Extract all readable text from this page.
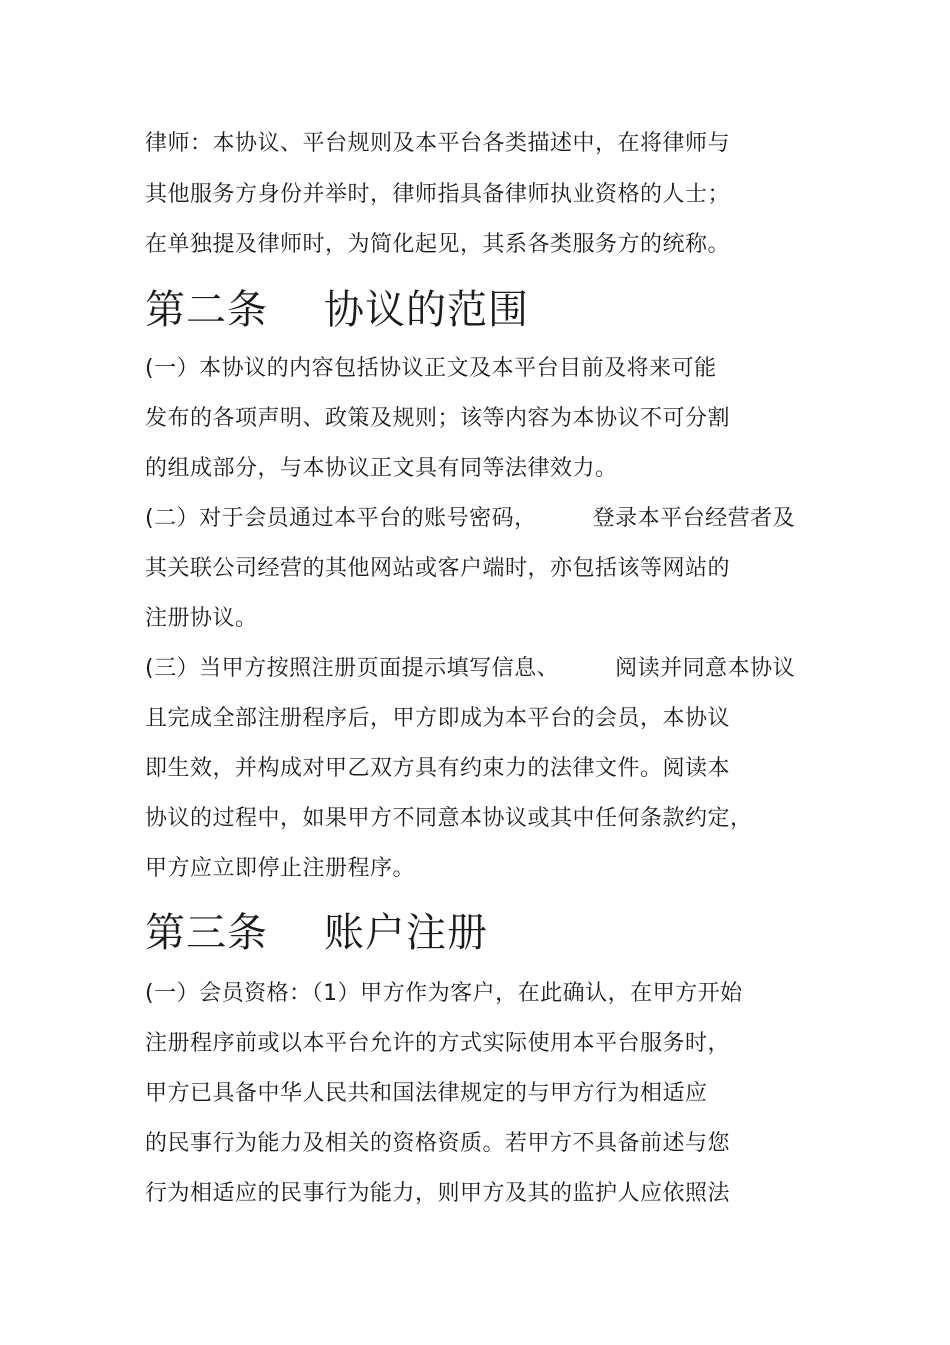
律师：本协议、平台规则及本平台各类描述中，在将律师与
其他服务方身份并举时，律师指具备律师执业资格的人士；
在单独提及律师时，为简化起见，其系各类服务方的统称。
第二条 协议的范围
(一）本协议的内容包括协议正文及本平台目前及将来可能
发布的各项声明、政策及规则；该等内容为本协议不可分割
的组成部分，与本协议正文具有同等法律效力。
(二）对于会员通过本平台的账号密码，	登录本平台经营者及
其关联公司经营的其他网站或客户端时，亦包括该等网站的
注册协议。
(三）当甲方按照注册页面提示填写信息、	阅读并同意本协议
且完成全部注册程序后，甲方即成为本平台的会员，本协议
即生效，并构成对甲乙双方具有约束力的法律文件。阅读本
协议的过程中，如果甲方不同意本协议或其中任何条款约定，
甲方应立即停止注册程序。
第三条 账户注册
(一）会员资格：（1）甲方作为客户，在此确认，在甲方开始
注册程序前或以本平台允许的方式实际使用本平台服务时，
甲方已具备中华人民共和国法律规定的与甲方行为相适应
的民事行为能力及相关的资格资质。若甲方不具备前述与您
行为相适应的民事行为能力，则甲方及其的监护人应依照法
